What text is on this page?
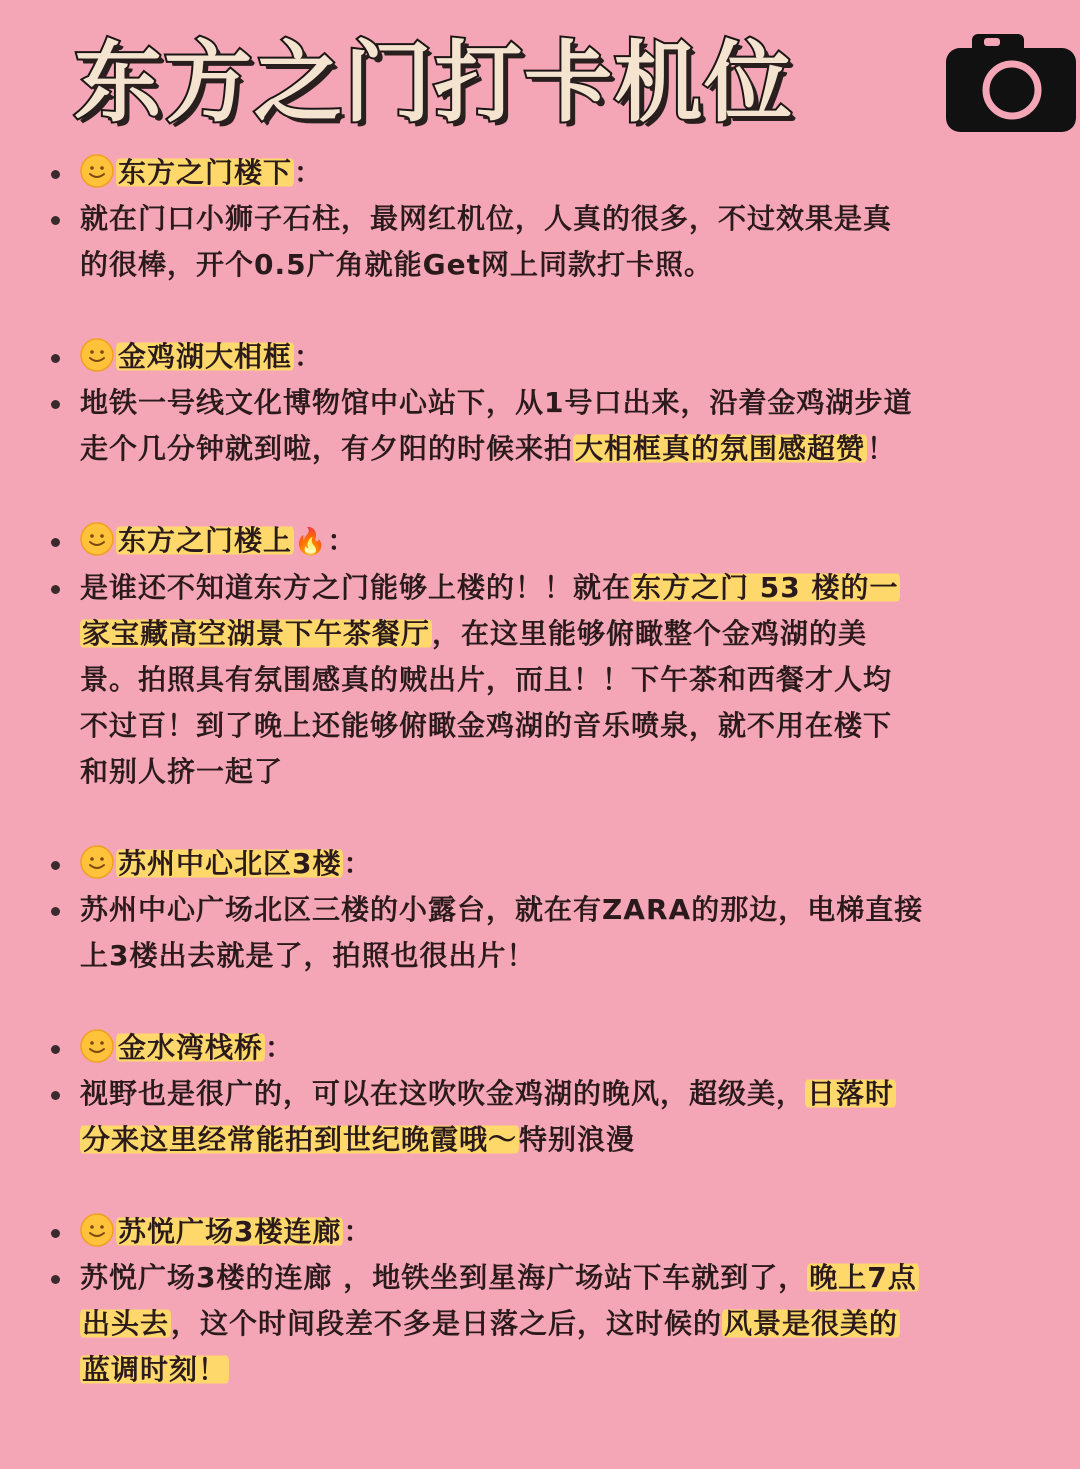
东方之门打卡机位
东方之门楼下：
就在门口小狮子石柱，最网红机位，人真的很多，不过效果是真
的很棒，开个0.5广角就能Get网上同款打卡照。
金鸡湖大相框：
地铁一号线文化博物馆中心站下，从1号口出来，沿着金鸡湖步道
走个几分钟就到啦，有夕阳的时候来拍大相框真的氛围感超赞！
东方之门楼上🔥：
是谁还不知道东方之门能够上楼的！！就在东方之门 53 楼的一
家宝藏高空湖景下午茶餐厅，在这里能够俯瞰整个金鸡湖的美
景。拍照具有氛围感真的贼出片，而且！！下午茶和西餐才人均
不过百！到了晚上还能够俯瞰金鸡湖的音乐喷泉，就不用在楼下
和别人挤一起了
苏州中心北区3楼：
苏州中心广场北区三楼的小露台，就在有ZARA的那边，电梯直接
上3楼出去就是了，拍照也很出片！
金水湾栈桥：
视野也是很广的，可以在这吹吹金鸡湖的晚风，超级美，日落时
分来这里经常能拍到世纪晚霞哦～特别浪漫
苏悦广场3楼连廊：
苏悦广场3楼的连廊 ，地铁坐到星海广场站下车就到了，晚上7点
出头去，这个时间段差不多是日落之后，这时候的风景是很美的
蓝调时刻！
